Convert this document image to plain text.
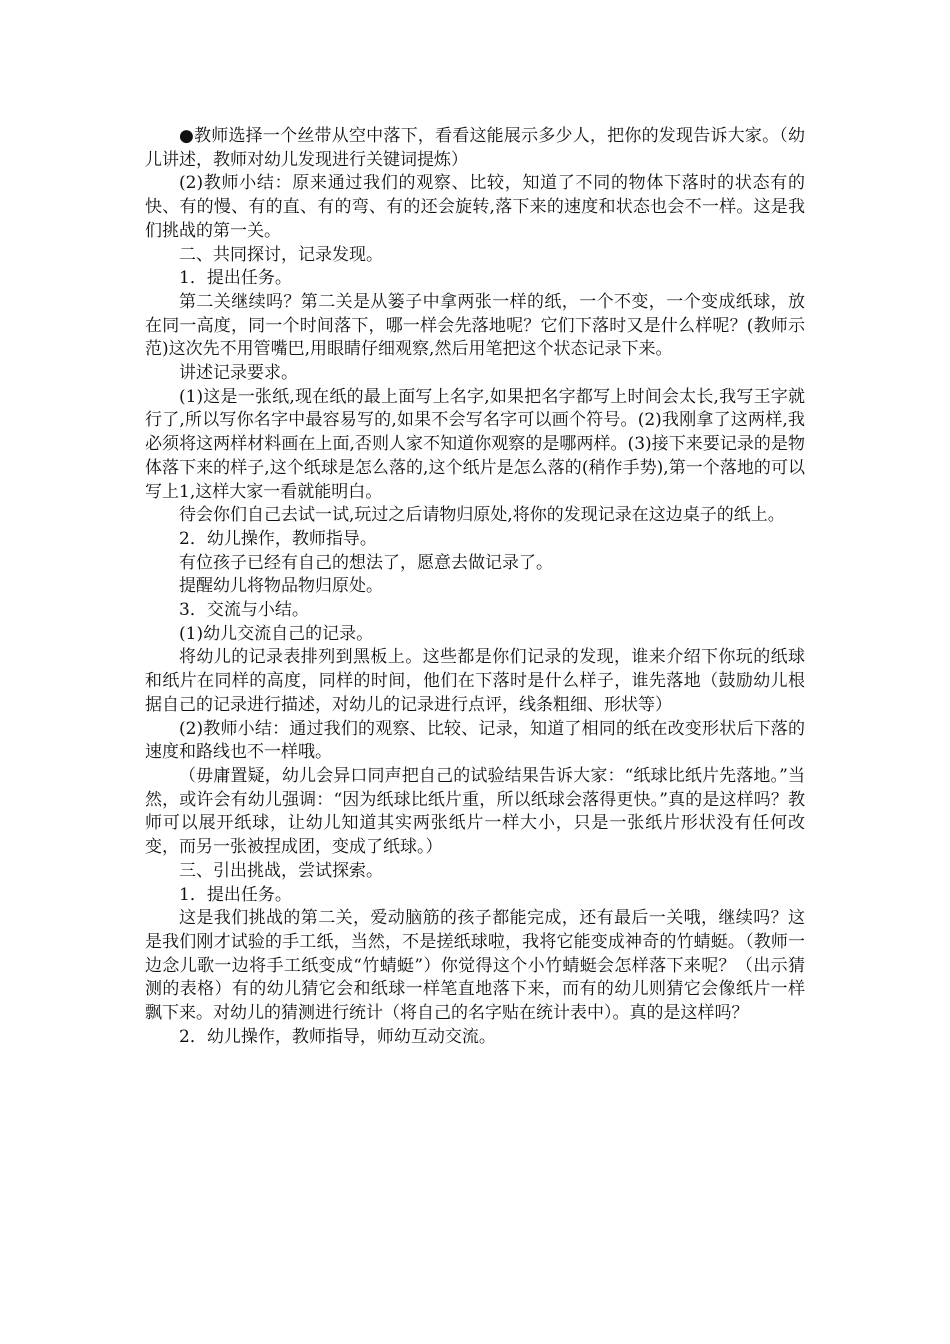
●教师选择一个丝带从空中落下，看看这能展示多少人，把你的发现告诉大家。（幼儿讲述，教师对幼儿发现进行关键词提炼）

(2)教师小结：原来通过我们的观察、比较，知道了不同的物体下落时的状态有的快、有的慢、有的直、有的弯、有的还会旋转,落下来的速度和状态也会不一样。这是我们挑战的第一关。

二、共同探讨，记录发现。

1．提出任务。

第二关继续吗？第二关是从篓子中拿两张一样的纸，一个不变，一个变成纸球，放在同一高度，同一个时间落下，哪一样会先落地呢？它们下落时又是什么样呢？(教师示范)这次先不用管嘴巴,用眼睛仔细观察,然后用笔把这个状态记录下来。

讲述记录要求。

(1)这是一张纸,现在纸的最上面写上名字,如果把名字都写上时间会太长,我写王字就行了,所以写你名字中最容易写的,如果不会写名字可以画个符号。(2)我刚拿了这两样,我必须将这两样材料画在上面,否则人家不知道你观察的是哪两样。(3)接下来要记录的是物体落下来的样子,这个纸球是怎么落的,这个纸片是怎么落的(稍作手势),第一个落地的可以写上1,这样大家一看就能明白。

待会你们自己去试一试,玩过之后请物归原处,将你的发现记录在这边桌子的纸上。

2．幼儿操作，教师指导。

有位孩子已经有自己的想法了，愿意去做记录了。

提醒幼儿将物品物归原处。

3．交流与小结。

(1)幼儿交流自己的记录。

将幼儿的记录表排列到黑板上。这些都是你们记录的发现，谁来介绍下你玩的纸球和纸片在同样的高度，同样的时间，他们在下落时是什么样子，谁先落地（鼓励幼儿根据自己的记录进行描述，对幼儿的记录进行点评，线条粗细、形状等）

(2)教师小结：通过我们的观察、比较、记录，知道了相同的纸在改变形状后下落的速度和路线也不一样哦。

（毋庸置疑，幼儿会异口同声把自己的试验结果告诉大家：“纸球比纸片先落地。”当然，或许会有幼儿强调：“因为纸球比纸片重，所以纸球会落得更快。”真的是这样吗？教师可以展开纸球，让幼儿知道其实两张纸片一样大小，只是一张纸片形状没有任何改变，而另一张被捏成团，变成了纸球。）

三、引出挑战，尝试探索。

1．提出任务。

这是我们挑战的第二关，爱动脑筋的孩子都能完成，还有最后一关哦，继续吗？这是我们刚才试验的手工纸，当然，不是搓纸球啦，我将它能变成神奇的竹蜻蜓。（教师一边念儿歌一边将手工纸变成“竹蜻蜓”）你觉得这个小竹蜻蜓会怎样落下来呢？（出示猜测的表格）有的幼儿猜它会和纸球一样笔直地落下来，而有的幼儿则猜它会像纸片一样飘下来。对幼儿的猜测进行统计（将自己的名字贴在统计表中）。真的是这样吗？

2．幼儿操作，教师指导，师幼互动交流。
